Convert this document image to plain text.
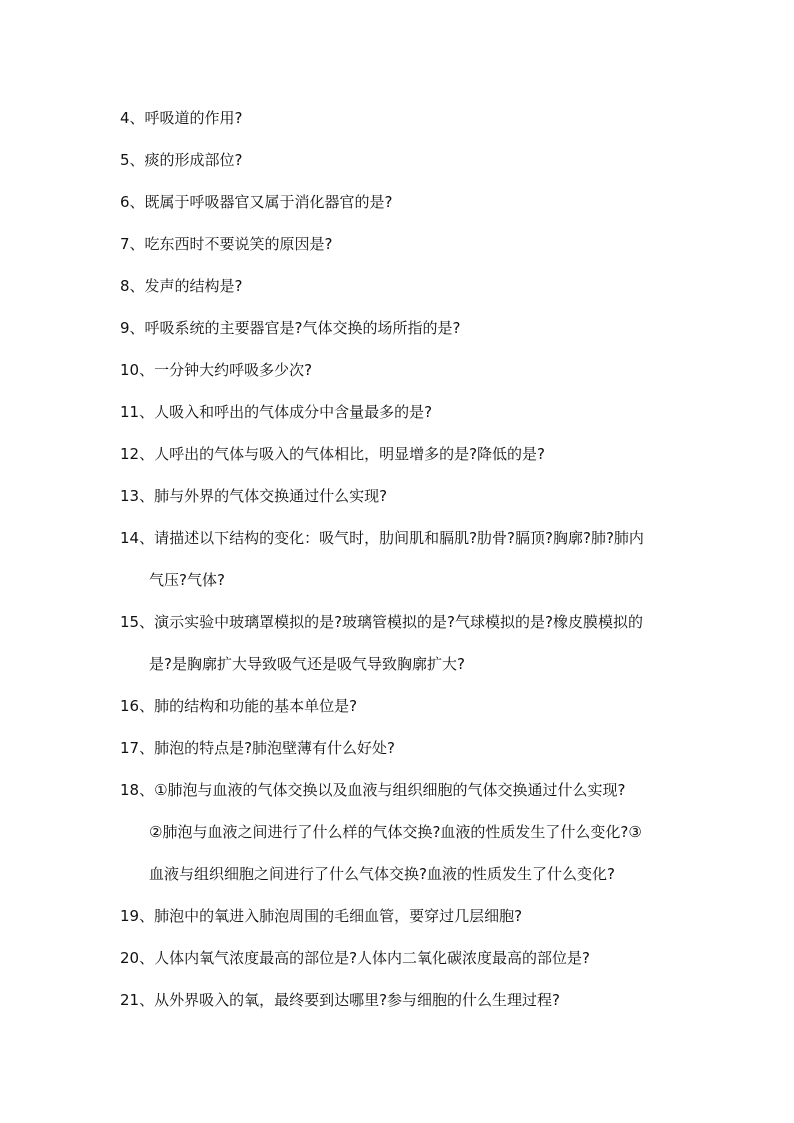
4、呼吸道的作用?
5、痰的形成部位?
6、既属于呼吸器官又属于消化器官的是?
7、吃东西时不要说笑的原因是?
8、发声的结构是?
9、呼吸系统的主要器官是?气体交换的场所指的是?
10、一分钟大约呼吸多少次?
11、人吸入和呼出的气体成分中含量最多的是?
12、人呼出的气体与吸入的气体相比，明显增多的是?降低的是?
13、肺与外界的气体交换通过什么实现?
14、请描述以下结构的变化：吸气时，肋间肌和膈肌?肋骨?膈顶?胸廓?肺?肺内
气压?气体?
15、演示实验中玻璃罩模拟的是?玻璃管模拟的是?气球模拟的是?橡皮膜模拟的
是?是胸廓扩大导致吸气还是吸气导致胸廓扩大?
16、肺的结构和功能的基本单位是?
17、肺泡的特点是?肺泡壁薄有什么好处?
18、①肺泡与血液的气体交换以及血液与组织细胞的气体交换通过什么实现?
②肺泡与血液之间进行了什么样的气体交换?血液的性质发生了什么变化?③
血液与组织细胞之间进行了什么气体交换?血液的性质发生了什么变化?
19、肺泡中的氧进入肺泡周围的毛细血管，要穿过几层细胞?
20、人体内氧气浓度最高的部位是?人体内二氧化碳浓度最高的部位是?
21、从外界吸入的氧，最终要到达哪里?参与细胞的什么生理过程?
